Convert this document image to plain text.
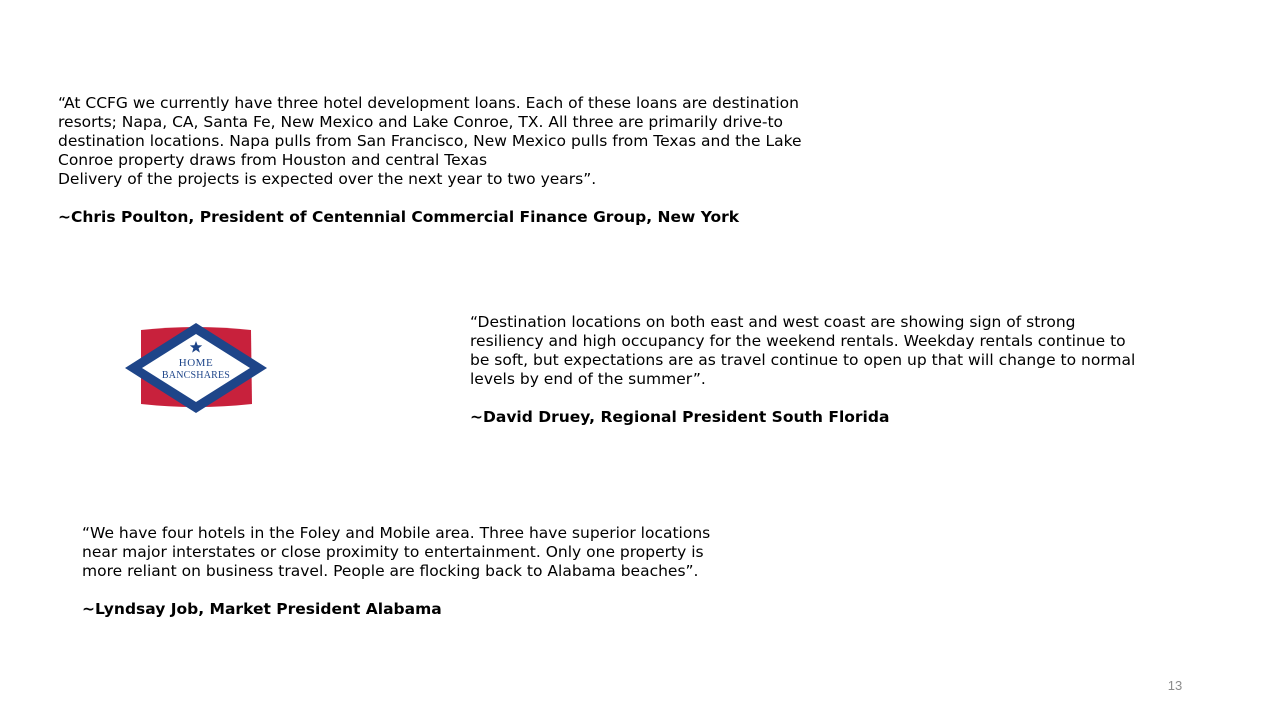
“At CCFG we currently have three hotel development loans. Each of these loans are destination
resorts; Napa, CA, Santa Fe, New Mexico and Lake Conroe, TX. All three are primarily drive-to
destination locations. Napa pulls from San Francisco, New Mexico pulls from Texas and the Lake
Conroe property draws from Houston and central Texas
Delivery of the projects is expected over the next year to two years”.
~Chris Poulton, President of Centennial Commercial Finance Group, New York
HOME
BANCSHARES
“Destination locations on both east and west coast are showing sign of strong
resiliency and high occupancy for the weekend rentals. Weekday rentals continue to
be soft, but expectations are as travel continue to open up that will change to normal
levels by end of the summer”.
~David Druey, Regional President South Florida
“We have four hotels in the Foley and Mobile area. Three have superior locations
near major interstates or close proximity to entertainment. Only one property is
more reliant on business travel. People are flocking back to Alabama beaches”.
~Lyndsay Job, Market President Alabama
13
